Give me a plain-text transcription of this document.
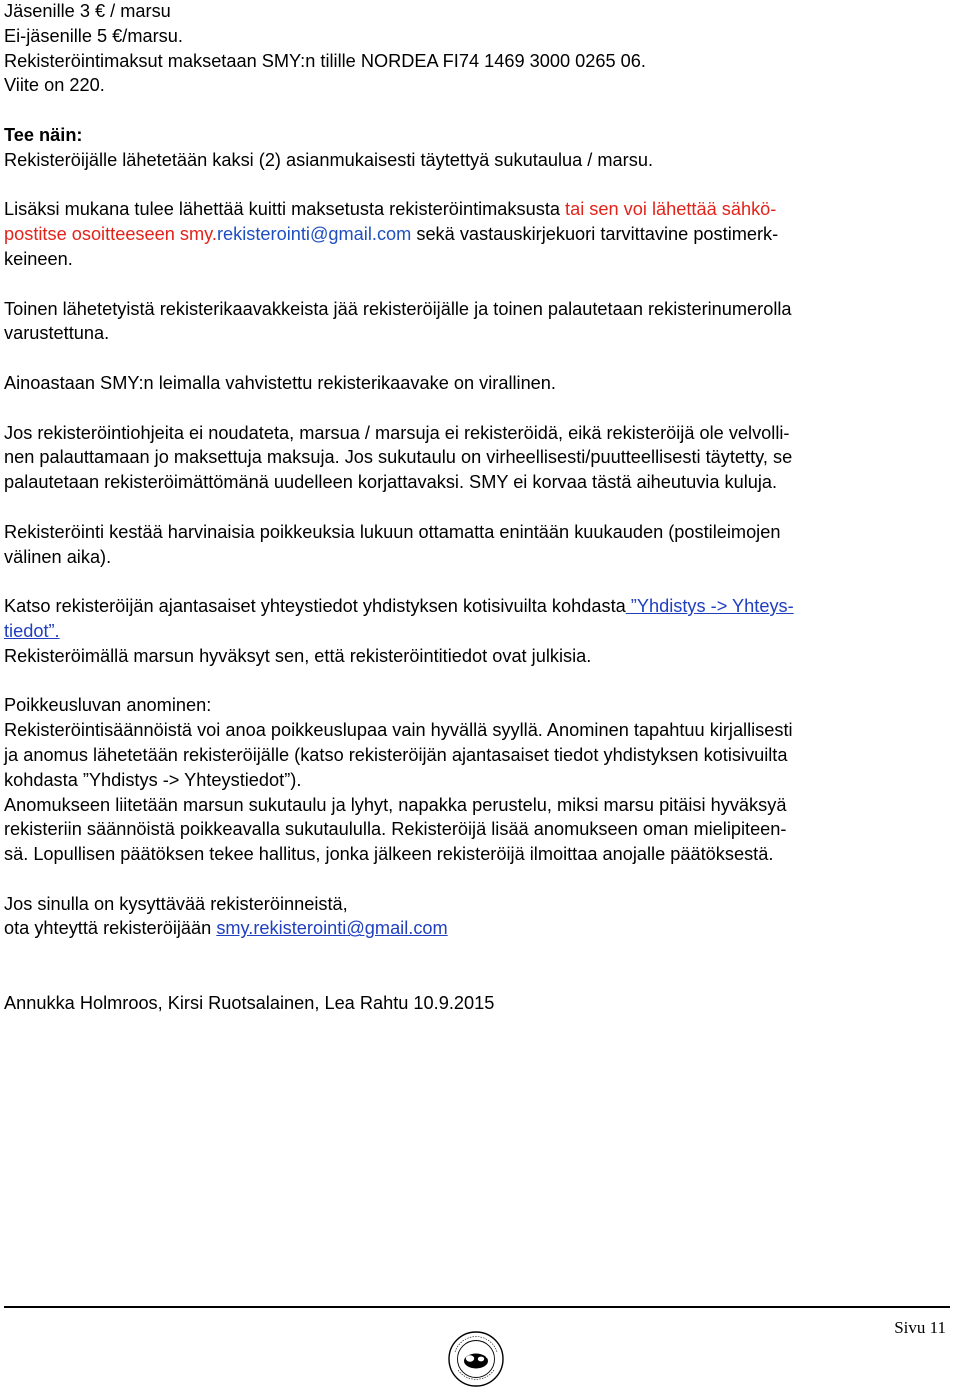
Jäsenille 3 € / marsu

Ei-jäsenille 5 €/marsu.

Rekisteröintimaksut maksetaan SMY:n tilille NORDEA FI74 1469 3000 0265 06.

Viite on 220.

Tee näin:

Rekisteröijälle lähetetään kaksi (2) asianmukaisesti täytettyä sukutaulua / marsu.

Lisäksi mukana tulee lähettää kuitti maksetusta rekisteröintimaksusta tai sen voi lähettää sähkö-
postitse osoitteeseen smy.rekisterointi@gmail.com sekä vastauskirjekuori tarvittavine postimerk-
keineen.

Toinen lähetetyistä rekisterikaavakkeista jää rekisteröijälle ja toinen palautetaan rekisterinumerolla
varustettuna.

Ainoastaan SMY:n leimalla vahvistettu rekisterikaavake on virallinen.

Jos rekisteröintiohjeita ei noudateta, marsua / marsuja ei rekisteröidä, eikä rekisteröijä ole velvolli-
nen palauttamaan jo maksettuja maksuja. Jos sukutaulu on virheellisesti/puutteellisesti täytetty, se
palautetaan rekisteröimättömänä uudelleen korjattavaksi. SMY ei korvaa tästä aiheutuvia kuluja.

Rekisteröinti kestää harvinaisia poikkeuksia lukuun ottamatta enintään kuukauden (postileimojen
välinen aika).

Katso rekisteröijän ajantasaiset yhteystiedot yhdistyksen kotisivuilta kohdasta ”Yhdistys -> Yhteys-
tiedot”.

Rekisteröimällä marsun hyväksyt sen, että rekisteröintitiedot ovat julkisia.

Poikkeusluvan anominen:

Rekisteröintisäännöistä voi anoa poikkeuslupaa vain hyvällä syyllä. Anominen tapahtuu kirjallisesti
ja anomus lähetetään rekisteröijälle (katso rekisteröijän ajantasaiset tiedot yhdistyksen kotisivuilta
kohdasta ”Yhdistys -> Yhteystiedot”).

Anomukseen liitetään marsun sukutaulu ja lyhyt, napakka perustelu, miksi marsu pitäisi hyväksyä
rekisteriin säännöistä poikkeavalla sukutaululla. Rekisteröijä lisää anomukseen oman mielipiteen-
sä. Lopullisen päätöksen tekee hallitus, jonka jälkeen rekisteröijä ilmoittaa anojalle päätöksestä.

Jos sinulla on kysyttävää rekisteröinneistä,
ota yhteyttä rekisteröijään smy.rekisterointi@gmail.com

Annukka Holmroos, Kirsi Ruotsalainen, Lea Rahtu 10.9.2015

Sivu 11
